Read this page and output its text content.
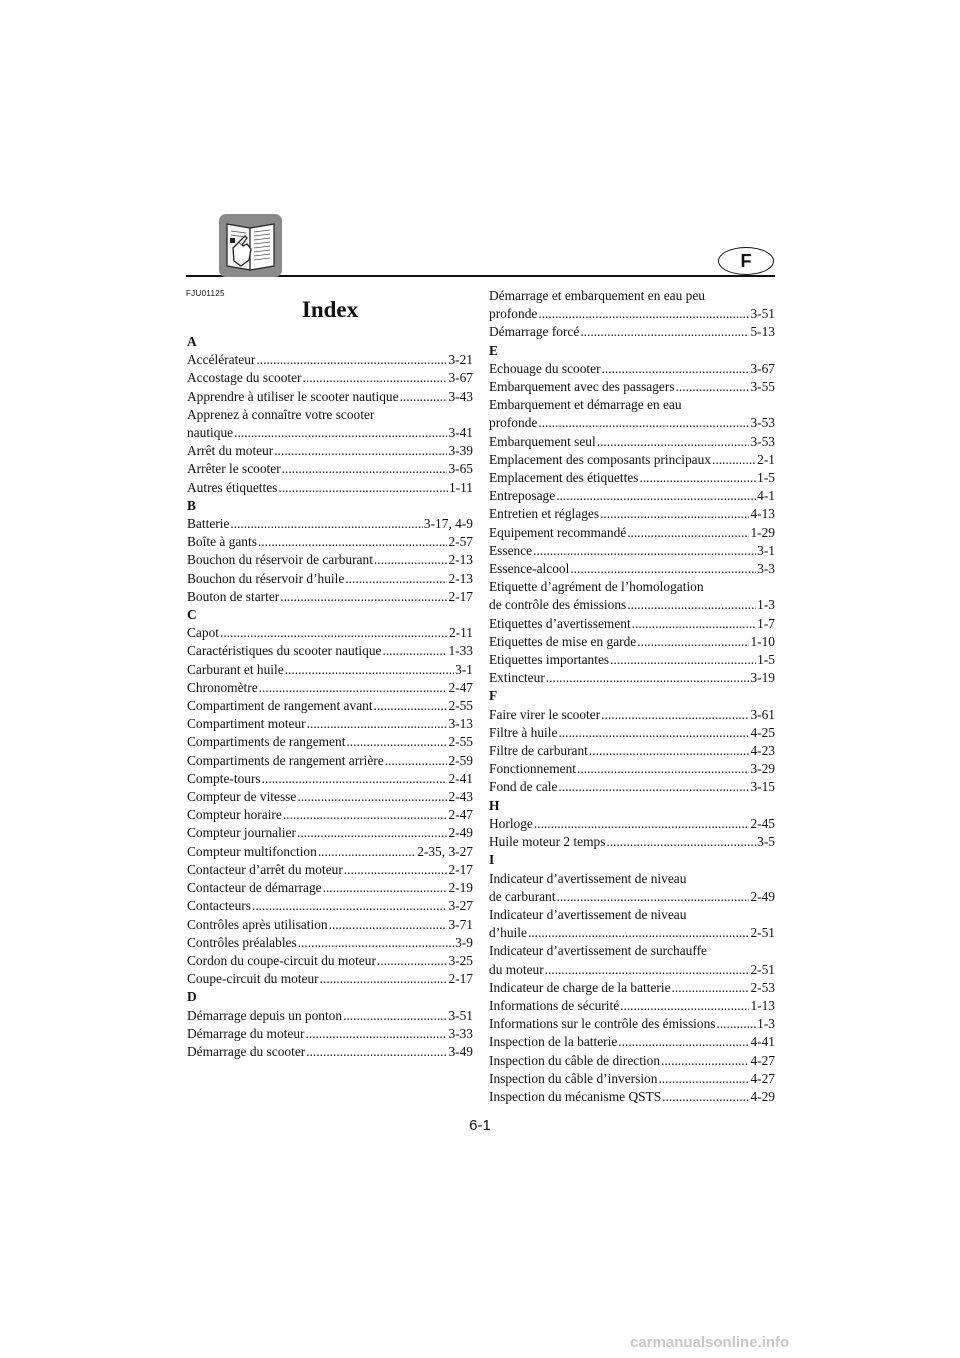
F
FJU01125
Index
A
Accélérateur .....	3-21
Accostage du scooter .....	3-67
Apprendre à utiliser le scooter nautique .....	3-43
Apprenez à connaître votre scooter
nautique .....	3-41
Arrêt du moteur .....	3-39
Arrêter le scooter .....	3-65
Autres étiquettes .....	1-11
B
Batterie .....	3-17, 4-9
Boîte à gants .....	2-57
Bouchon du réservoir de carburant .....	2-13
Bouchon du réservoir d’huile .....	2-13
Bouton de starter .....	2-17
C
Capot .....	2-11
Caractéristiques du scooter nautique .....	1-33
Carburant et huile .....	3-1
Chronomètre .....	2-47
Compartiment de rangement avant .....	2-55
Compartiment moteur .....	3-13
Compartiments de rangement .....	2-55
Compartiments de rangement arrière .....	2-59
Compte-tours .....	2-41
Compteur de vitesse .....	2-43
Compteur horaire .....	2-47
Compteur journalier .....	2-49
Compteur multifonction .....	2-35, 3-27
Contacteur d’arrêt du moteur .....	2-17
Contacteur de démarrage .....	2-19
Contacteurs .....	3-27
Contrôles après utilisation .....	3-71
Contrôles préalables .....	3-9
Cordon du coupe-circuit du moteur .....	3-25
Coupe-circuit du moteur .....	2-17
D
Démarrage depuis un ponton .....	3-51
Démarrage du moteur .....	3-33
Démarrage du scooter .....	3-49
Démarrage et embarquement en eau peu
profonde .....	3-51
Démarrage forcé .....	5-13
E
Echouage du scooter .....	3-67
Embarquement avec des passagers .....	3-55
Embarquement et démarrage en eau
profonde .....	3-53
Embarquement seul .....	3-53
Emplacement des composants principaux .....	2-1
Emplacement des étiquettes .....	1-5
Entreposage .....	4-1
Entretien et réglages .....	4-13
Equipement recommandé .....	1-29
Essence .....	3-1
Essence-alcool .....	3-3
Etiquette d’agrément de l’homologation
de contrôle des émissions .....	1-3
Etiquettes d’avertissement .....	1-7
Etiquettes de mise en garde .....	1-10
Etiquettes importantes .....	1-5
Extincteur .....	3-19
F
Faire virer le scooter .....	3-61
Filtre à huile .....	4-25
Filtre de carburant .....	4-23
Fonctionnement .....	3-29
Fond de cale .....	3-15
H
Horloge .....	2-45
Huile moteur 2 temps .....	3-5
I
Indicateur d’avertissement de niveau
de carburant .....	2-49
Indicateur d’avertissement de niveau
d’huile .....	2-51
Indicateur d’avertissement de surchauffe
du moteur .....	2-51
Indicateur de charge de la batterie .....	2-53
Informations de sécurité .....	1-13
Informations sur le contrôle des émissions .....	1-3
Inspection de la batterie .....	4-41
Inspection du câble de direction .....	4-27
Inspection du câble d’inversion .....	4-27
Inspection du mécanisme QSTS .....	4-29
6-1
carmanualsonline.info
